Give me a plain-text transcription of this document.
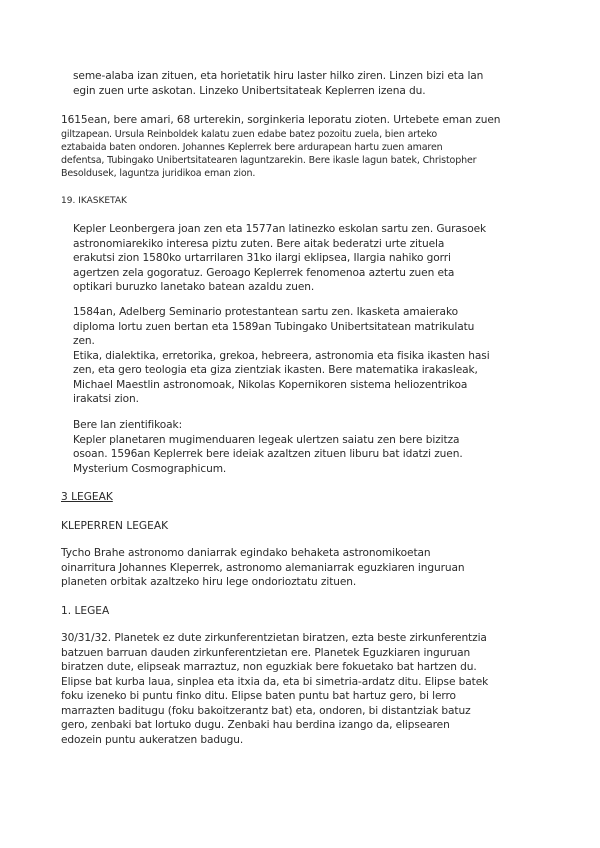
seme-alaba izan zituen, eta horietatik hiru laster hilko ziren. Linzen bizi eta lan
egin zuen urte askotan. Linzeko Unibertsitateak Keplerren izena du.
1615ean, bere amari, 68 urterekin, sorginkeria leporatu zioten. Urtebete eman zuen
giltzapean. Ursula Reinboldek kalatu zuen edabe batez pozoitu zuela, bien arteko
eztabaida baten ondoren. Johannes Keplerrek bere ardurapean hartu zuen amaren
defentsa, Tubingako Unibertsitatearen laguntzarekin. Bere ikasle lagun batek, Christopher
Besoldusek, laguntza juridikoa eman zion.
19. IKASKETAK
Kepler Leonbergera joan zen eta 1577an latinezko eskolan sartu zen. Gurasoek
astronomiarekiko interesa piztu zuten. Bere aitak bederatzi urte zituela
erakutsi zion 1580ko urtarrilaren 31ko ilargi eklipsea, Ilargia nahiko gorri
agertzen zela gogoratuz. Geroago Keplerrek fenomenoa aztertu zuen eta
optikari buruzko lanetako batean azaldu zuen.
1584an, Adelberg Seminario protestantean sartu zen. Ikasketa amaierako
diploma lortu zuen bertan eta 1589an Tubingako Unibertsitatean matrikulatu
zen.
Etika, dialektika, erretorika, grekoa, hebreera, astronomia eta fisika ikasten hasi
zen, eta gero teologia eta giza zientziak ikasten. Bere matematika irakasleak,
Michael Maestlin astronomoak, Nikolas Kopernikoren sistema heliozentrikoa
irakatsi zion.
Bere lan zientifikoak:
Kepler planetaren mugimenduaren legeak ulertzen saiatu zen bere bizitza
osoan. 1596an Keplerrek bere ideiak azaltzen zituen liburu bat idatzi zuen.
Mysterium Cosmographicum.
3 LEGEAK
KLEPERREN LEGEAK
Tycho Brahe astronomo daniarrak egindako behaketa astronomikoetan
oinarritura Johannes Kleperrek, astronomo alemaniarrak eguzkiaren inguruan
planeten orbitak azaltzeko hiru lege ondorioztatu zituen.
1. LEGEA
30/31/32. Planetek ez dute zirkunferentzietan biratzen, ezta beste zirkunferentzia
batzuen barruan dauden zirkunferentzietan ere. Planetek Eguzkiaren inguruan
biratzen dute, elipseak marraztuz, non eguzkiak bere fokuetako bat hartzen du.
Elipse bat kurba laua, sinplea eta itxia da, eta bi simetria-ardatz ditu. Elipse batek
foku izeneko bi puntu finko ditu. Elipse baten puntu bat hartuz gero, bi lerro
marrazten baditugu (foku bakoitzerantz bat) eta, ondoren, bi distantziak batuz
gero, zenbaki bat lortuko dugu. Zenbaki hau berdina izango da, elipsearen
edozein puntu aukeratzen badugu.
